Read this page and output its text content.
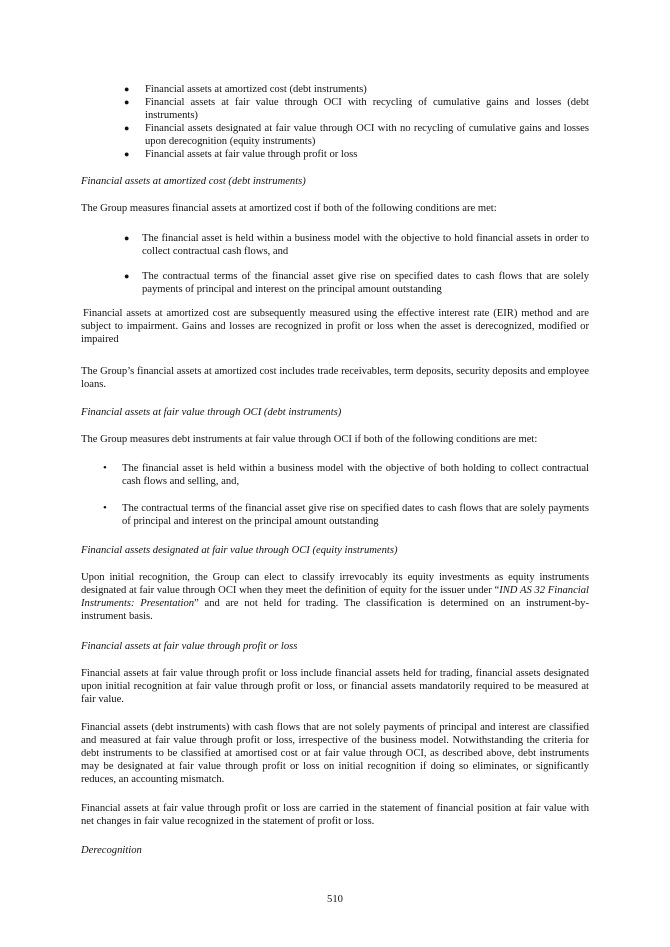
● Financial assets at amortized cost (debt instruments)
● Financial assets at fair value through OCI with recycling of cumulative gains and losses (debt instruments)
● Financial assets designated at fair value through OCI with no recycling of cumulative gains and losses upon derecognition (equity instruments)
● Financial assets at fair value through profit or loss

Financial assets at amortized cost (debt instruments)

The Group measures financial assets at amortized cost if both of the following conditions are met:

● The financial asset is held within a business model with the objective to hold financial assets in order to collect contractual cash flows, and
● The contractual terms of the financial asset give rise on specified dates to cash flows that are solely payments of principal and interest on the principal amount outstanding

Financial assets at amortized cost are subsequently measured using the effective interest rate (EIR) method and are subject to impairment. Gains and losses are recognized in profit or loss when the asset is derecognized, modified or impaired

The Group’s financial assets at amortized cost includes trade receivables, term deposits, security deposits and employee loans.

Financial assets at fair value through OCI (debt instruments)

The Group measures debt instruments at fair value through OCI if both of the following conditions are met:

• The financial asset is held within a business model with the objective of both holding to collect contractual cash flows and selling, and,
• The contractual terms of the financial asset give rise on specified dates to cash flows that are solely payments of principal and interest on the principal amount outstanding

Financial assets designated at fair value through OCI (equity instruments)

Upon initial recognition, the Group can elect to classify irrevocably its equity investments as equity instruments designated at fair value through OCI when they meet the definition of equity for the issuer under “IND AS 32 Financial Instruments: Presentation” and are not held for trading. The classification is determined on an instrument-by-instrument basis.

Financial assets at fair value through profit or loss

Financial assets at fair value through profit or loss include financial assets held for trading, financial assets designated upon initial recognition at fair value through profit or loss, or financial assets mandatorily required to be measured at fair value.

Financial assets (debt instruments) with cash flows that are not solely payments of principal and interest are classified and measured at fair value through profit or loss, irrespective of the business model. Notwithstanding the criteria for debt instruments to be classified at amortised cost or at fair value through OCI, as described above, debt instruments may be designated at fair value through profit or loss on initial recognition if doing so eliminates, or significantly reduces, an accounting mismatch.

Financial assets at fair value through profit or loss are carried in the statement of financial position at fair value with net changes in fair value recognized in the statement of profit or loss.

Derecognition

510
